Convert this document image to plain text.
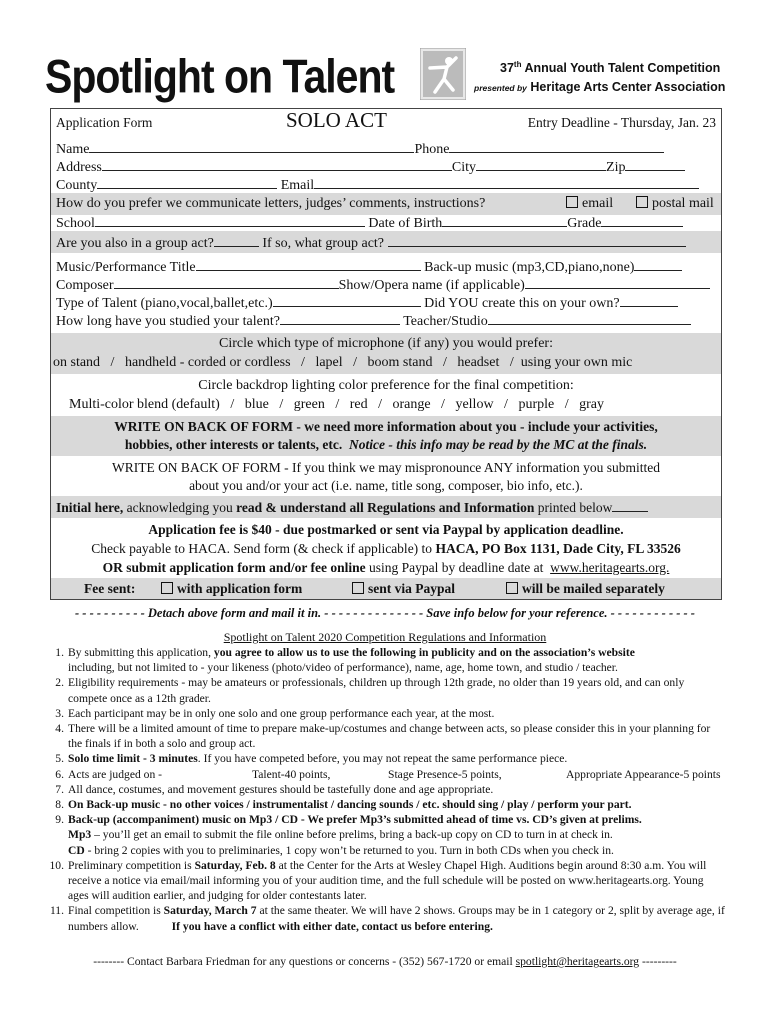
Spotlight on Talent	37th Annual Youth Talent Competition
presented by Heritage Arts Center Association
Application Form	SOLO ACT	Entry Deadline - Thursday, Jan. 23
Name	Phone
Address	City	Zip
County	Email
How do you prefer we communicate letters, judges’ comments, instructions?	email	postal mail
School	Date of Birth	Grade
Are you also in a group act?	If so, what group act?
Music/Performance Title	Back-up music (mp3,CD,piano,none)
Composer	Show/Opera name (if applicable)
Type of Talent (piano,vocal,ballet,etc.)	Did YOU create this on your own?
How long have you studied your talent?	Teacher/Studio
Circle which type of microphone (if any) you would prefer:
on stand   /   handheld - corded or cordless   /   lapel   /   boom stand   /   headset   /  using your own mic
Circle backdrop lighting color preference for the final competition:
Multi-color blend (default)   /   blue   /   green   /   red   /   orange   /   yellow   /   purple   /   gray
WRITE ON BACK OF FORM - we need more information about you - include your activities,
hobbies, other interests or talents, etc. Notice - this info may be read by the MC at the finals.
WRITE ON BACK OF FORM - If you think we may mispronounce ANY information you submitted
about you and/or your act (i.e. name, title song, composer, bio info, etc.).
Initial here, acknowledging you read & understand all Regulations and Information printed below
Application fee is $40 - due postmarked or sent via Paypal by application deadline.
Check payable to HACA. Send form (& check if applicable) to HACA, PO Box 1131, Dade City, FL 33526
OR submit application form and/or fee online using Paypal by deadline date at www.heritagearts.org.
Fee sent:	with application form	sent via Paypal	will be mailed separately
- - - - - - - - - - Detach above form and mail it in. - - - - - - - - - - - - - - Save info below for your reference. - - - - - - - - - - - -
Spotlight on Talent 2020 Competition Regulations and Information
1. By submitting this application, you agree to allow us to use the following in publicity and on the association’s website
including, but not limited to - your likeness (photo/video of performance), name, age, home town, and studio / teacher.
2. Eligibility requirements - may be amateurs or professionals, children up through 12th grade, no older than 19 years old, and can only compete once as a 12th grader.
3. Each participant may be in only one solo and one group performance each year, at the most.
4. There will be a limited amount of time to prepare make-up/costumes and change between acts, so please consider this in your planning for the finals if in both a solo and group act.
5. Solo time limit - 3 minutes. If you have competed before, you may not repeat the same performance piece.
6. Acts are judged on -	Talent-40 points,	Stage Presence-5 points,	Appropriate Appearance-5 points
7. All dance, costumes, and movement gestures should be tastefully done and age appropriate.
8. On Back-up music - no other voices / instrumentalist / dancing sounds / etc. should sing / play / perform your part.
9. Back-up (accompaniment) music on Mp3 / CD - We prefer Mp3’s submitted ahead of time vs. CD’s given at prelims.
Mp3 – you’ll get an email to submit the file online before prelims, bring a back-up copy on CD to turn in at check in.
CD - bring 2 copies with you to preliminaries, 1 copy won’t be returned to you. Turn in both CDs when you check in.
10. Preliminary competition is Saturday, Feb. 8 at the Center for the Arts at Wesley Chapel High. Auditions begin around 8:30 a.m. You will receive a notice via email/mail informing you of your audition time, and the full schedule will be posted on www.heritagearts.org. Young ages will audition earlier, and judging for older contestants later.
11. Final competition is Saturday, March 7 at the same theater. We will have 2 shows. Groups may be in 1 category or 2, split by average age, if numbers allow.	If you have a conflict with either date, contact us before entering.
-------- Contact Barbara Friedman for any questions or concerns - (352) 567-1720 or email spotlight@heritagearts.org ---------
